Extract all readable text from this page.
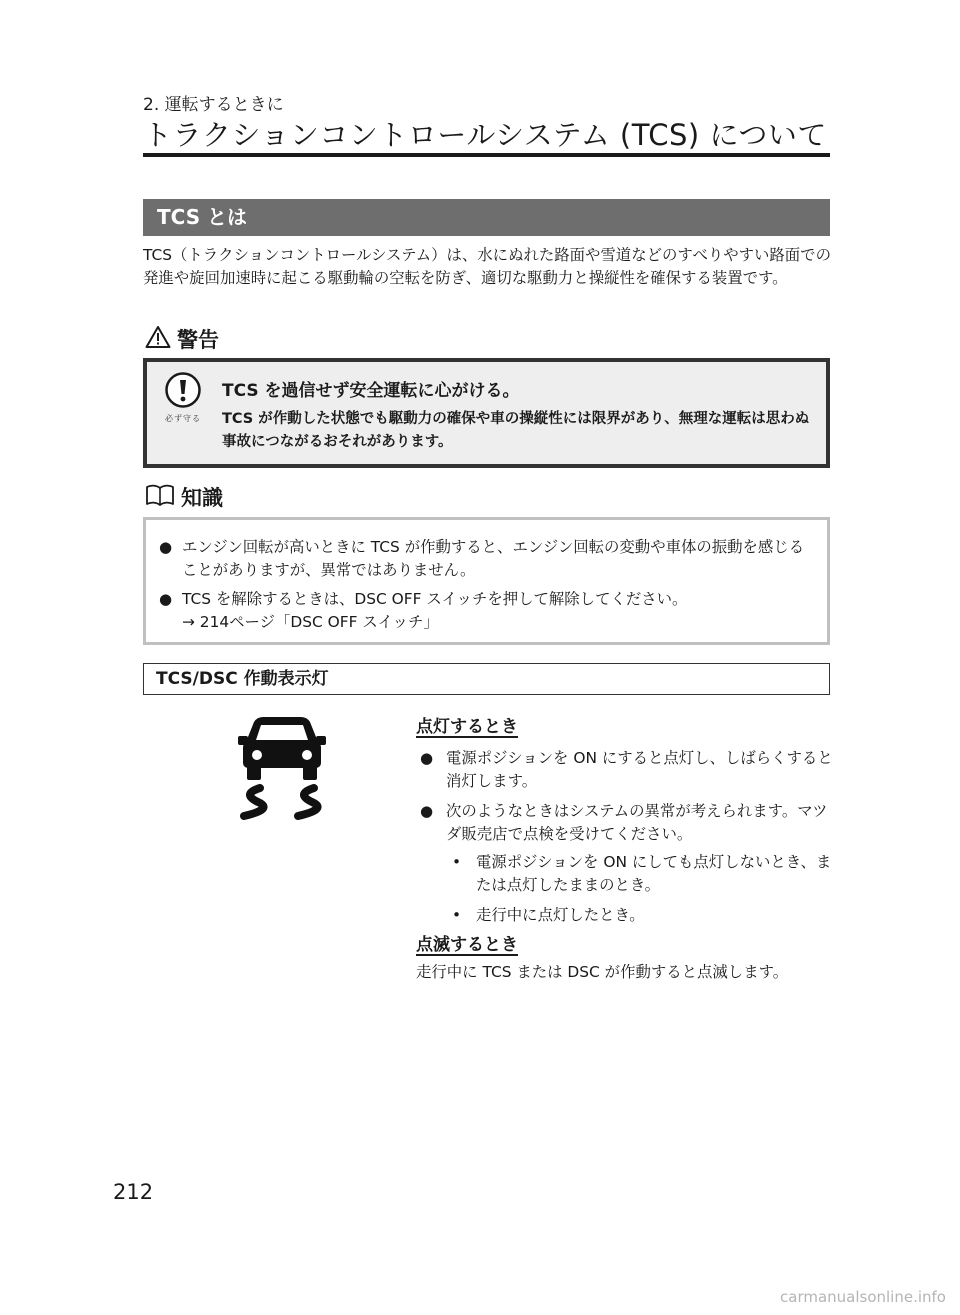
2. 運転するときに
トラクションコントロールシステム (TCS) について
TCS とは
TCS（トラクションコントロールシステム）は、水にぬれた路面や雪道などのすべりやすい路面での発進や旋回加速時に起こる駆動輪の空転を防ぎ、適切な駆動力と操縦性を確保する装置です。
警告
必ず守る
TCS を過信せず安全運転に心がける。
TCS が作動した状態でも駆動力の確保や車の操縦性には限界があり、無理な運転は思わぬ事故につながるおそれがあります。
知識
● エンジン回転が高いときに TCS が作動すると、エンジン回転の変動や車体の振動を感じることがありますが、異常ではありません。
● TCS を解除するときは、DSC OFF スイッチを押して解除してください。
→ 214ページ「DSC OFF スイッチ」
TCS/DSC 作動表示灯
点灯するとき
● 電源ポジションを ON にすると点灯し、しばらくすると消灯します。
● 次のようなときはシステムの異常が考えられます。マツダ販売店で点検を受けてください。
• 電源ポジションを ON にしても点灯しないとき、または点灯したままのとき。
• 走行中に点灯したとき。
点滅するとき
走行中に TCS または DSC が作動すると点滅します。
212
carmanualsonline.info
